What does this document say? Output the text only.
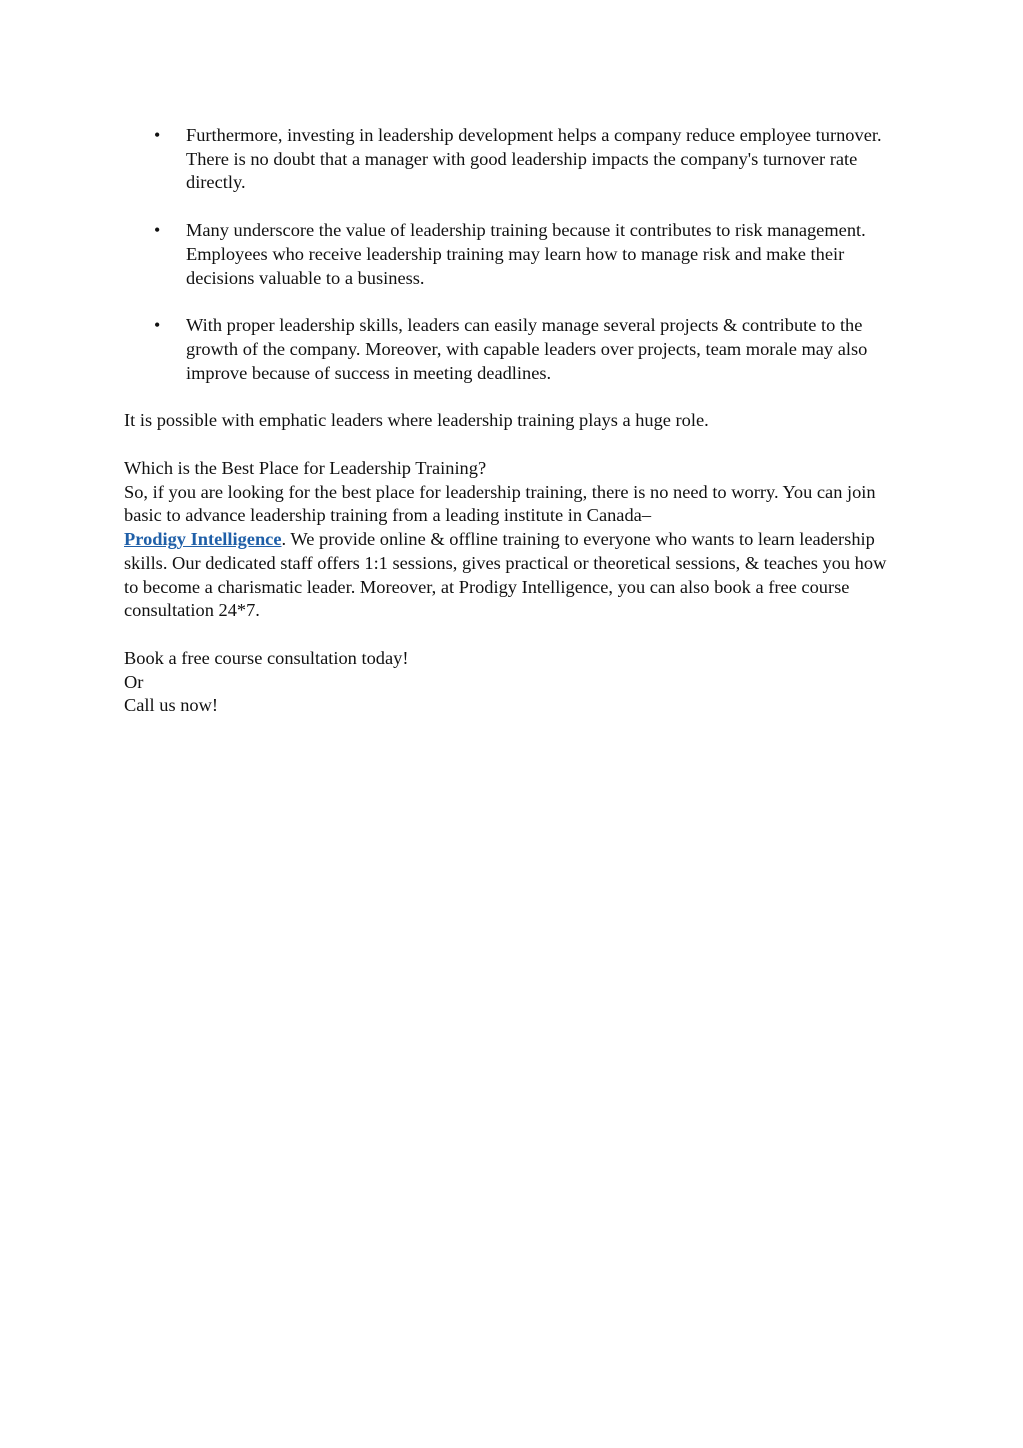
• Furthermore, investing in leadership development helps a company reduce employee turnover. There is no doubt that a manager with good leadership impacts the company's turnover rate directly.
• Many underscore the value of leadership training because it contributes to risk management. Employees who receive leadership training may learn how to manage risk and make their decisions valuable to a business.
• With proper leadership skills, leaders can easily manage several projects & contribute to the growth of the company. Moreover, with capable leaders over projects, team morale may also improve because of success in meeting deadlines.

It is possible with emphatic leaders where leadership training plays a huge role.

Which is the Best Place for Leadership Training?

So, if you are looking for the best place for leadership training, there is no need to worry. You can join basic to advance leadership training from a leading institute in Canada–
Prodigy Intelligence. We provide online & offline training to everyone who wants to learn leadership skills. Our dedicated staff offers 1:1 sessions, gives practical or theoretical sessions, & teaches you how to become a charismatic leader. Moreover, at Prodigy Intelligence, you can also book a free course consultation 24*7.

Book a free course consultation today!

Or

Call us now!
